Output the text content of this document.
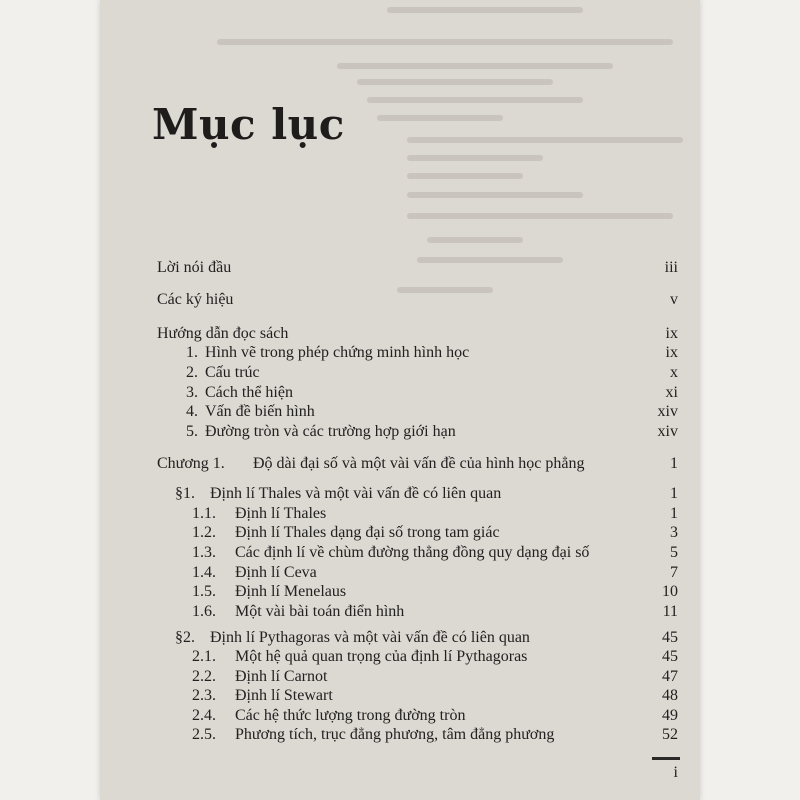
Mục lục
Lời nói đầu	iii
Các ký hiệu	v
Hướng dẫn đọc sách	ix
1. Hình vẽ trong phép chứng minh hình học	ix
2. Cấu trúc	x
3. Cách thể hiện	xi
4. Vấn đề biến hình	xiv
5. Đường tròn và các trường hợp giới hạn	xiv
Chương 1. Độ dài đại số và một vài vấn đề của hình học phẳng	1
§1. Định lí Thales và một vài vấn đề có liên quan	1
1.1. Định lí Thales	1
1.2. Định lí Thales dạng đại số trong tam giác	3
1.3. Các định lí về chùm đường thẳng đồng quy dạng đại số	5
1.4. Định lí Ceva	7
1.5. Định lí Menelaus	10
1.6. Một vài bài toán điển hình	11
§2. Định lí Pythagoras và một vài vấn đề có liên quan	45
2.1. Một hệ quả quan trọng của định lí Pythagoras	45
2.2. Định lí Carnot	47
2.3. Định lí Stewart	48
2.4. Các hệ thức lượng trong đường tròn	49
2.5. Phương tích, trục đẳng phương, tâm đẳng phương	52
i
